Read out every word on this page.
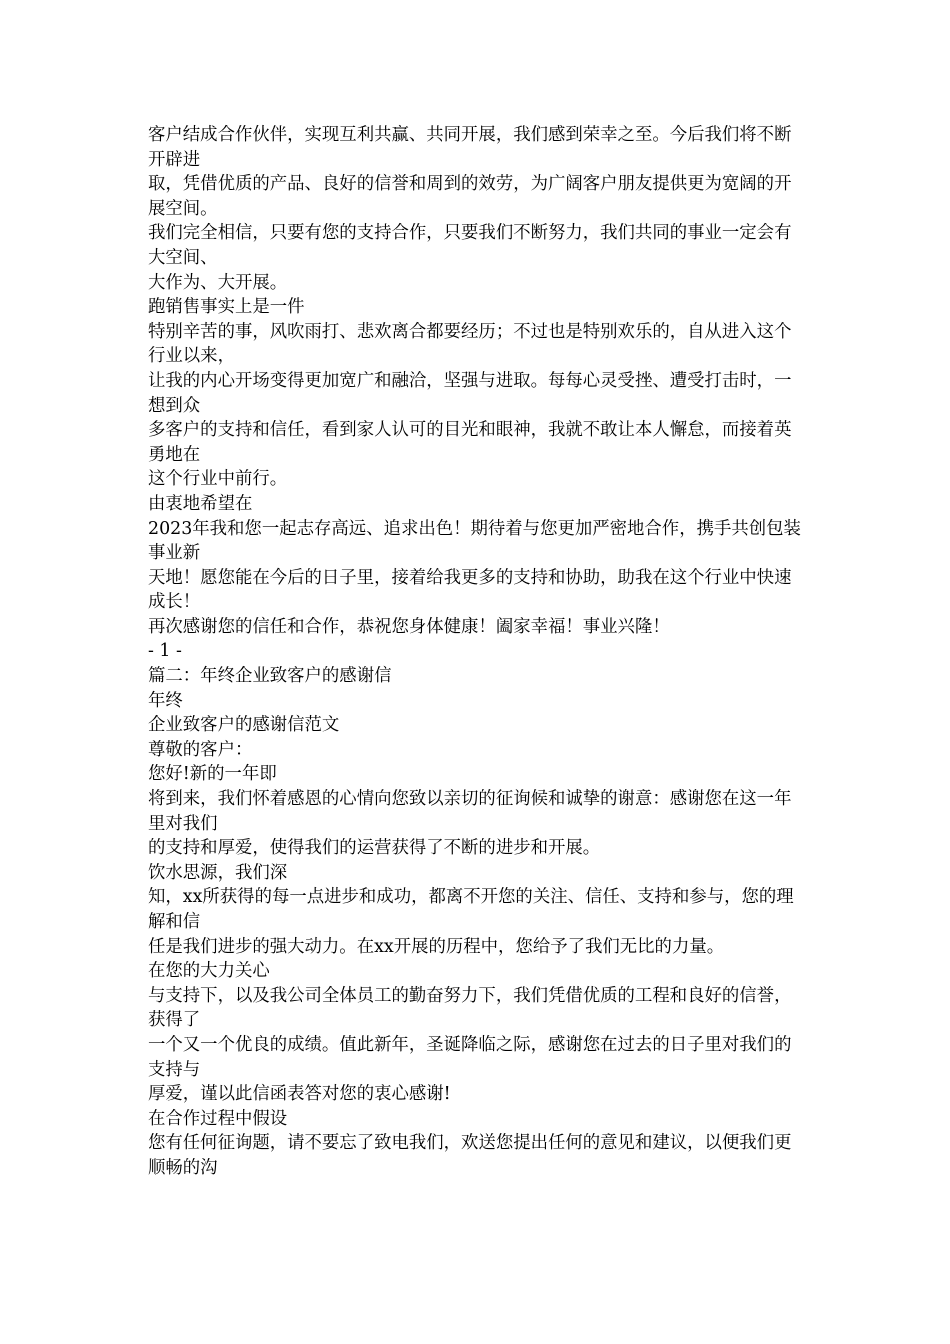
客户结成合作伙伴，实现互利共赢、共同开展，我们感到荣幸之至。今后我们将不断开辟进

取，凭借优质的产品、良好的信誉和周到的效劳，为广阔客户朋友提供更为宽阔的开展空间。

我们完全相信，只要有您的支持合作，只要我们不断努力，我们共同的事业一定会有大空间、

大作为、大开展。

跑销售事实上是一件

特别辛苦的事，风吹雨打、悲欢离合都要经历；不过也是特别欢乐的，自从进入这个行业以来，

让我的内心开场变得更加宽广和融洽，坚强与进取。每每心灵受挫、遭受打击时，一想到众

多客户的支持和信任，看到家人认可的目光和眼神，我就不敢让本人懈怠，而接着英勇地在

这个行业中前行。

由衷地希望在

2023年我和您一起志存高远、追求出色！期待着与您更加严密地合作，携手共创包装事业新

天地！愿您能在今后的日子里，接着给我更多的支持和协助，助我在这个行业中快速成长！

再次感谢您的信任和合作，恭祝您身体健康！阖家幸福！事业兴隆！

- 1 -

篇二：年终企业致客户的感谢信

年终

企业致客户的感谢信范文

尊敬的客户：

您好!新的一年即

将到来，我们怀着感恩的心情向您致以亲切的征询候和诚挚的谢意：感谢您在这一年里对我们

的支持和厚爱，使得我们的运营获得了不断的进步和开展。

饮水思源，我们深

知，xx所获得的每一点进步和成功，都离不开您的关注、信任、支持和参与，您的理解和信

任是我们进步的强大动力。在xx开展的历程中，您给予了我们无比的力量。

在您的大力关心

与支持下，以及我公司全体员工的勤奋努力下，我们凭借优质的工程和良好的信誉，获得了

一个又一个优良的成绩。值此新年，圣诞降临之际，感谢您在过去的日子里对我们的支持与

厚爱，谨以此信函表答对您的衷心感谢!

在合作过程中假设

您有任何征询题，请不要忘了致电我们，欢送您提出任何的意见和建议，以便我们更顺畅的沟
